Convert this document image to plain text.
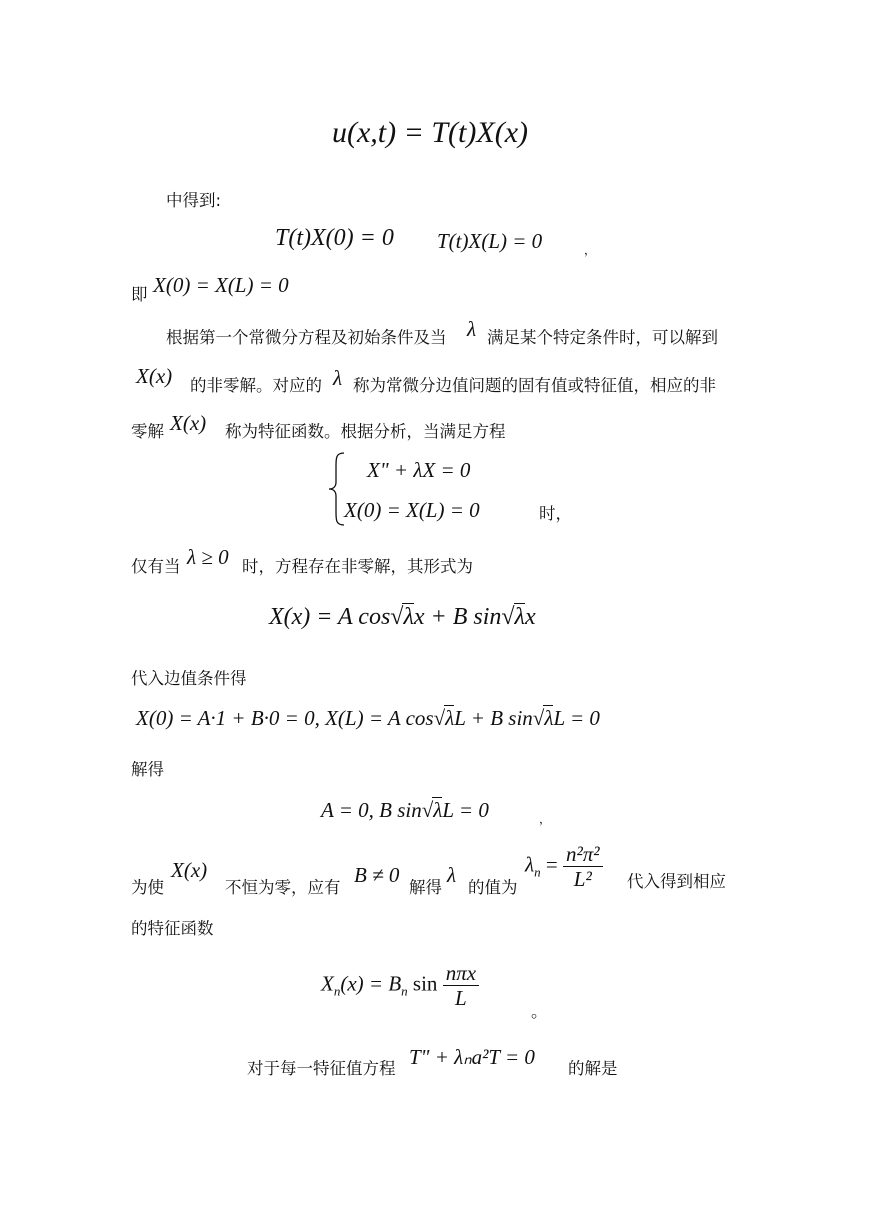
u(x,t) = T(t)X(x)
中得到:
T(t)X(0) = 0 T(t)X(L) = 0	，
即 X(0) = X(L) = 0
根据第一个常微分方程及初始条件及当 λ 满足某个特定条件时，可以解到
X(x) 的非零解。对应的 λ 称为常微分边值问题的固有值或特征值，相应的非
零解 X(x) 称为特征函数。根据分析，当满足方程
X" + λX = 0
X(0) = X(L) = 0	时，
仅有当 λ ≥ 0 时，方程存在非零解，其形式为
X(x) = A cos√λx + B sin√λx
代入边值条件得
X(0) = A·1 + B·0 = 0, X(L) = A cos√λL + B sin√λL = 0
解得
A = 0, B sin√λL = 0	，
为使
X(x)
不恒为零，应有
B ≠ 0
解得
λ
的值为
$\lambda_n = \frac{\text{n²π²}}{\text{L²}}$ 代入得到相应
的特征函数
$X_n(x) = B_n$ $\sin \frac{\text{nπx}}{L}$
。
对于每一特征值方程 T" + λₙa²T = 0 的解是
